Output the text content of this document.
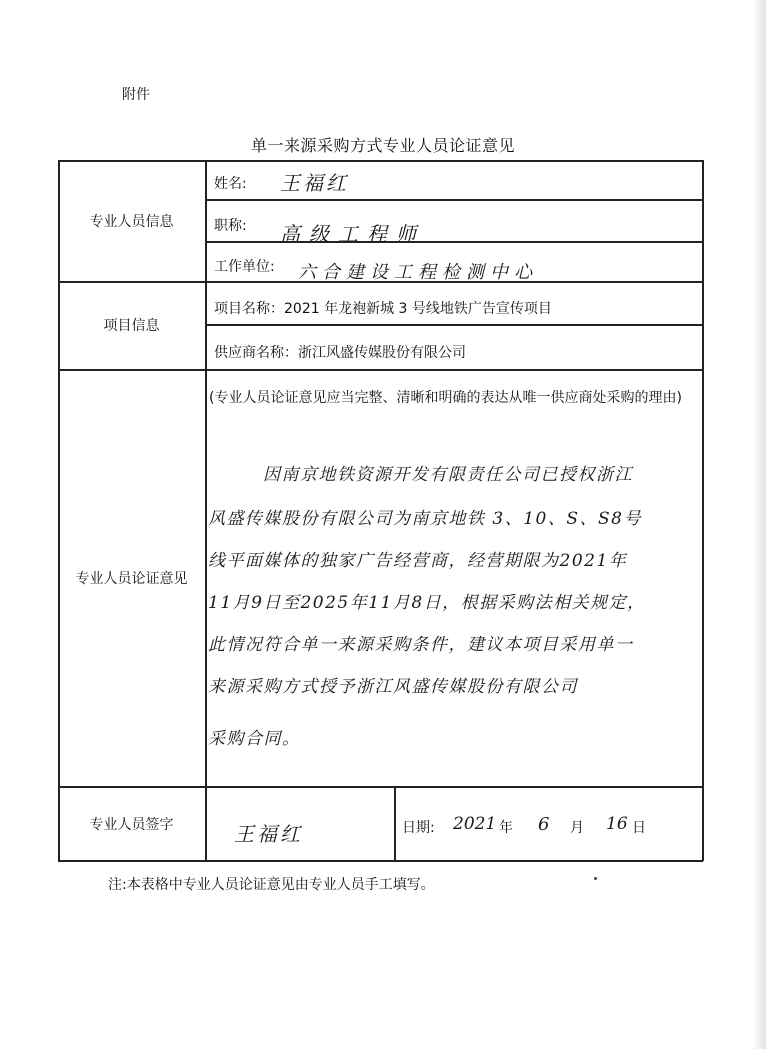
附件
单一来源采购方式专业人员论证意见
专业人员信息
项目信息
专业人员论证意见
专业人员签字
姓名: 王福红
职称: 高级工程师
工作单位: 六合建设工程检测中心
项目名称：2021 年龙袍新城 3 号线地铁广告宣传项目
供应商名称：浙江风盛传媒股份有限公司
(专业人员论证意见应当完整、清晰和明确的表达从唯一供应商处采购的理由)
因南京地铁资源开发有限责任公司已授权浙江
风盛传媒股份有限公司为南京地铁 3、10、S、S8号
线平面媒体的独家广告经营商，经营期限为2021年
11月9日至2025年11月8日，根据采购法相关规定，
此情况符合单一来源采购条件，建议本项目采用单一
来源采购方式授予浙江风盛传媒股份有限公司
采购合同。
王福红	日期: 2021 年 6 月 16 日
注:本表格中专业人员论证意见由专业人员手工填写。
